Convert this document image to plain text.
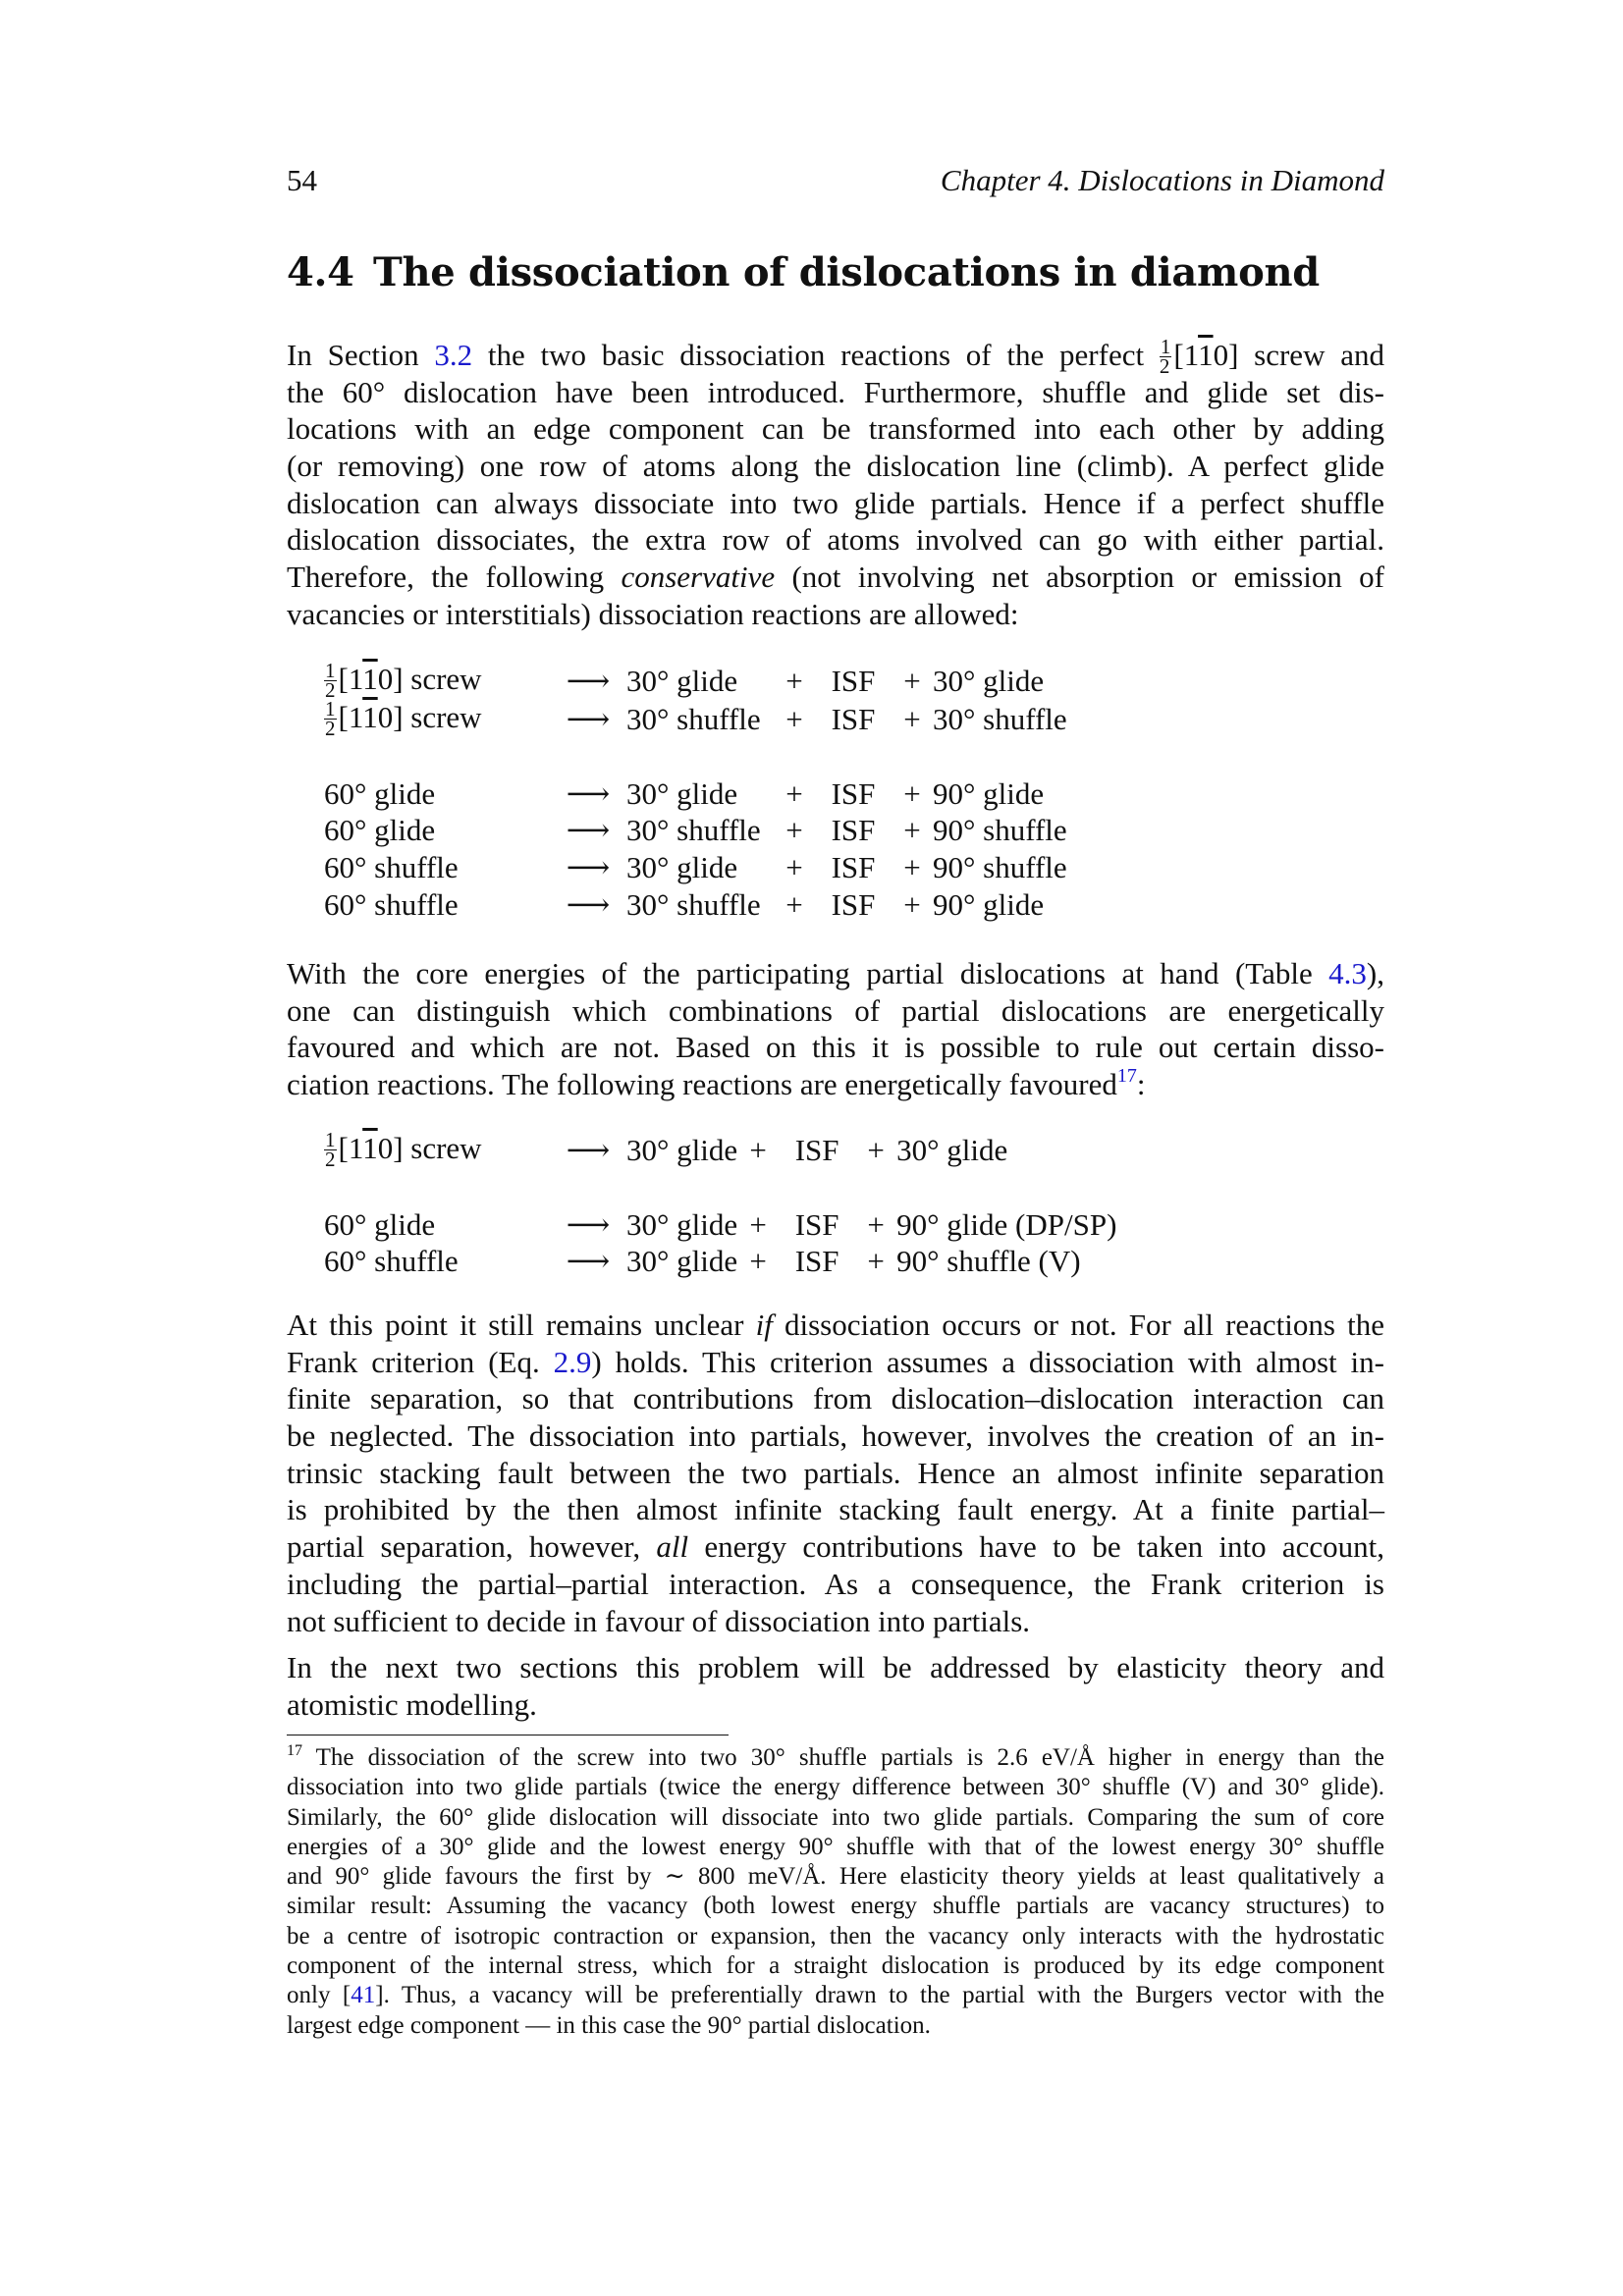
54	Chapter 4. Dislocations in Diamond
4.4 The dissociation of dislocations in diamond
In Section 3.2 the two basic dissociation reactions of the perfect $\frac{1}{2} [110]$ screw and
the 60° dislocation have been introduced. Furthermore, shuffle and glide set dis-
locations with an edge component can be transformed into each other by adding
(or removing) one row of atoms along the dislocation line (climb). A perfect glide
dislocation can always dissociate into two glide partials. Hence if a perfect shuffle
dislocation dissociates, the extra row of atoms involved can go with either partial.
Therefore, the following conservative (not involving net absorption or emission of
vacancies or interstitials) dissociation reactions are allowed:
$\frac{1}{2} [110]$ screw	⟶	30° glide	+	ISF	+	30° glide

$\frac{1}{2} [110]$ screw	⟶	30° shuffle	+	ISF	+	30° shuffle

60° glide	⟶	30° glide	+	ISF	+	90° glide
60° glide	⟶	30° shuffle	+	ISF	+	90° shuffle
60° shuffle	⟶	30° glide	+	ISF	+	90° shuffle
60° shuffle	⟶	30° shuffle	+	ISF	+	90° glide
With the core energies of the participating partial dislocations at hand (Table 4.3),
one can distinguish which combinations of partial dislocations are energetically
favoured and which are not. Based on this it is possible to rule out certain disso-
ciation reactions. The following reactions are energetically favoured$^{17}$:
$\frac{1}{2} [110]$ screw	⟶	30° glide	+	ISF	+	30° glide

60° glide	⟶	30° glide	+	ISF	+	90° glide (DP/SP)
60° shuffle	⟶	30° glide	+	ISF	+	90° shuffle (V)
At this point it still remains unclear if dissociation occurs or not. For all reactions the
Frank criterion (Eq. 2.9) holds. This criterion assumes a dissociation with almost in-
finite separation, so that contributions from dislocation–dislocation interaction can
be neglected. The dissociation into partials, however, involves the creation of an in-
trinsic stacking fault between the two partials. Hence an almost infinite separation
is prohibited by the then almost infinite stacking fault energy. At a finite partial–
partial separation, however, all energy contributions have to be taken into account,
including the partial–partial interaction. As a consequence, the Frank criterion is
not sufficient to decide in favour of dissociation into partials.
In the next two sections this problem will be addressed by elasticity theory and
atomistic modelling.
$^{17}$ The dissociation of the screw into two 30° shuffle partials is 2.6 eV/Å higher in energy than the
dissociation into two glide partials (twice the energy difference between 30° shuffle (V) and 30° glide).
Similarly, the 60° glide dislocation will dissociate into two glide partials. Comparing the sum of core
energies of a 30° glide and the lowest energy 90° shuffle with that of the lowest energy 30° shuffle
and 90° glide favours the first by ∼ 800 meV/Å. Here elasticity theory yields at least qualitatively a
similar result: Assuming the vacancy (both lowest energy shuffle partials are vacancy structures) to
be a centre of isotropic contraction or expansion, then the vacancy only interacts with the hydrostatic
component of the internal stress, which for a straight dislocation is produced by its edge component
only [41]. Thus, a vacancy will be preferentially drawn to the partial with the Burgers vector with the
largest edge component — in this case the 90° partial dislocation.
